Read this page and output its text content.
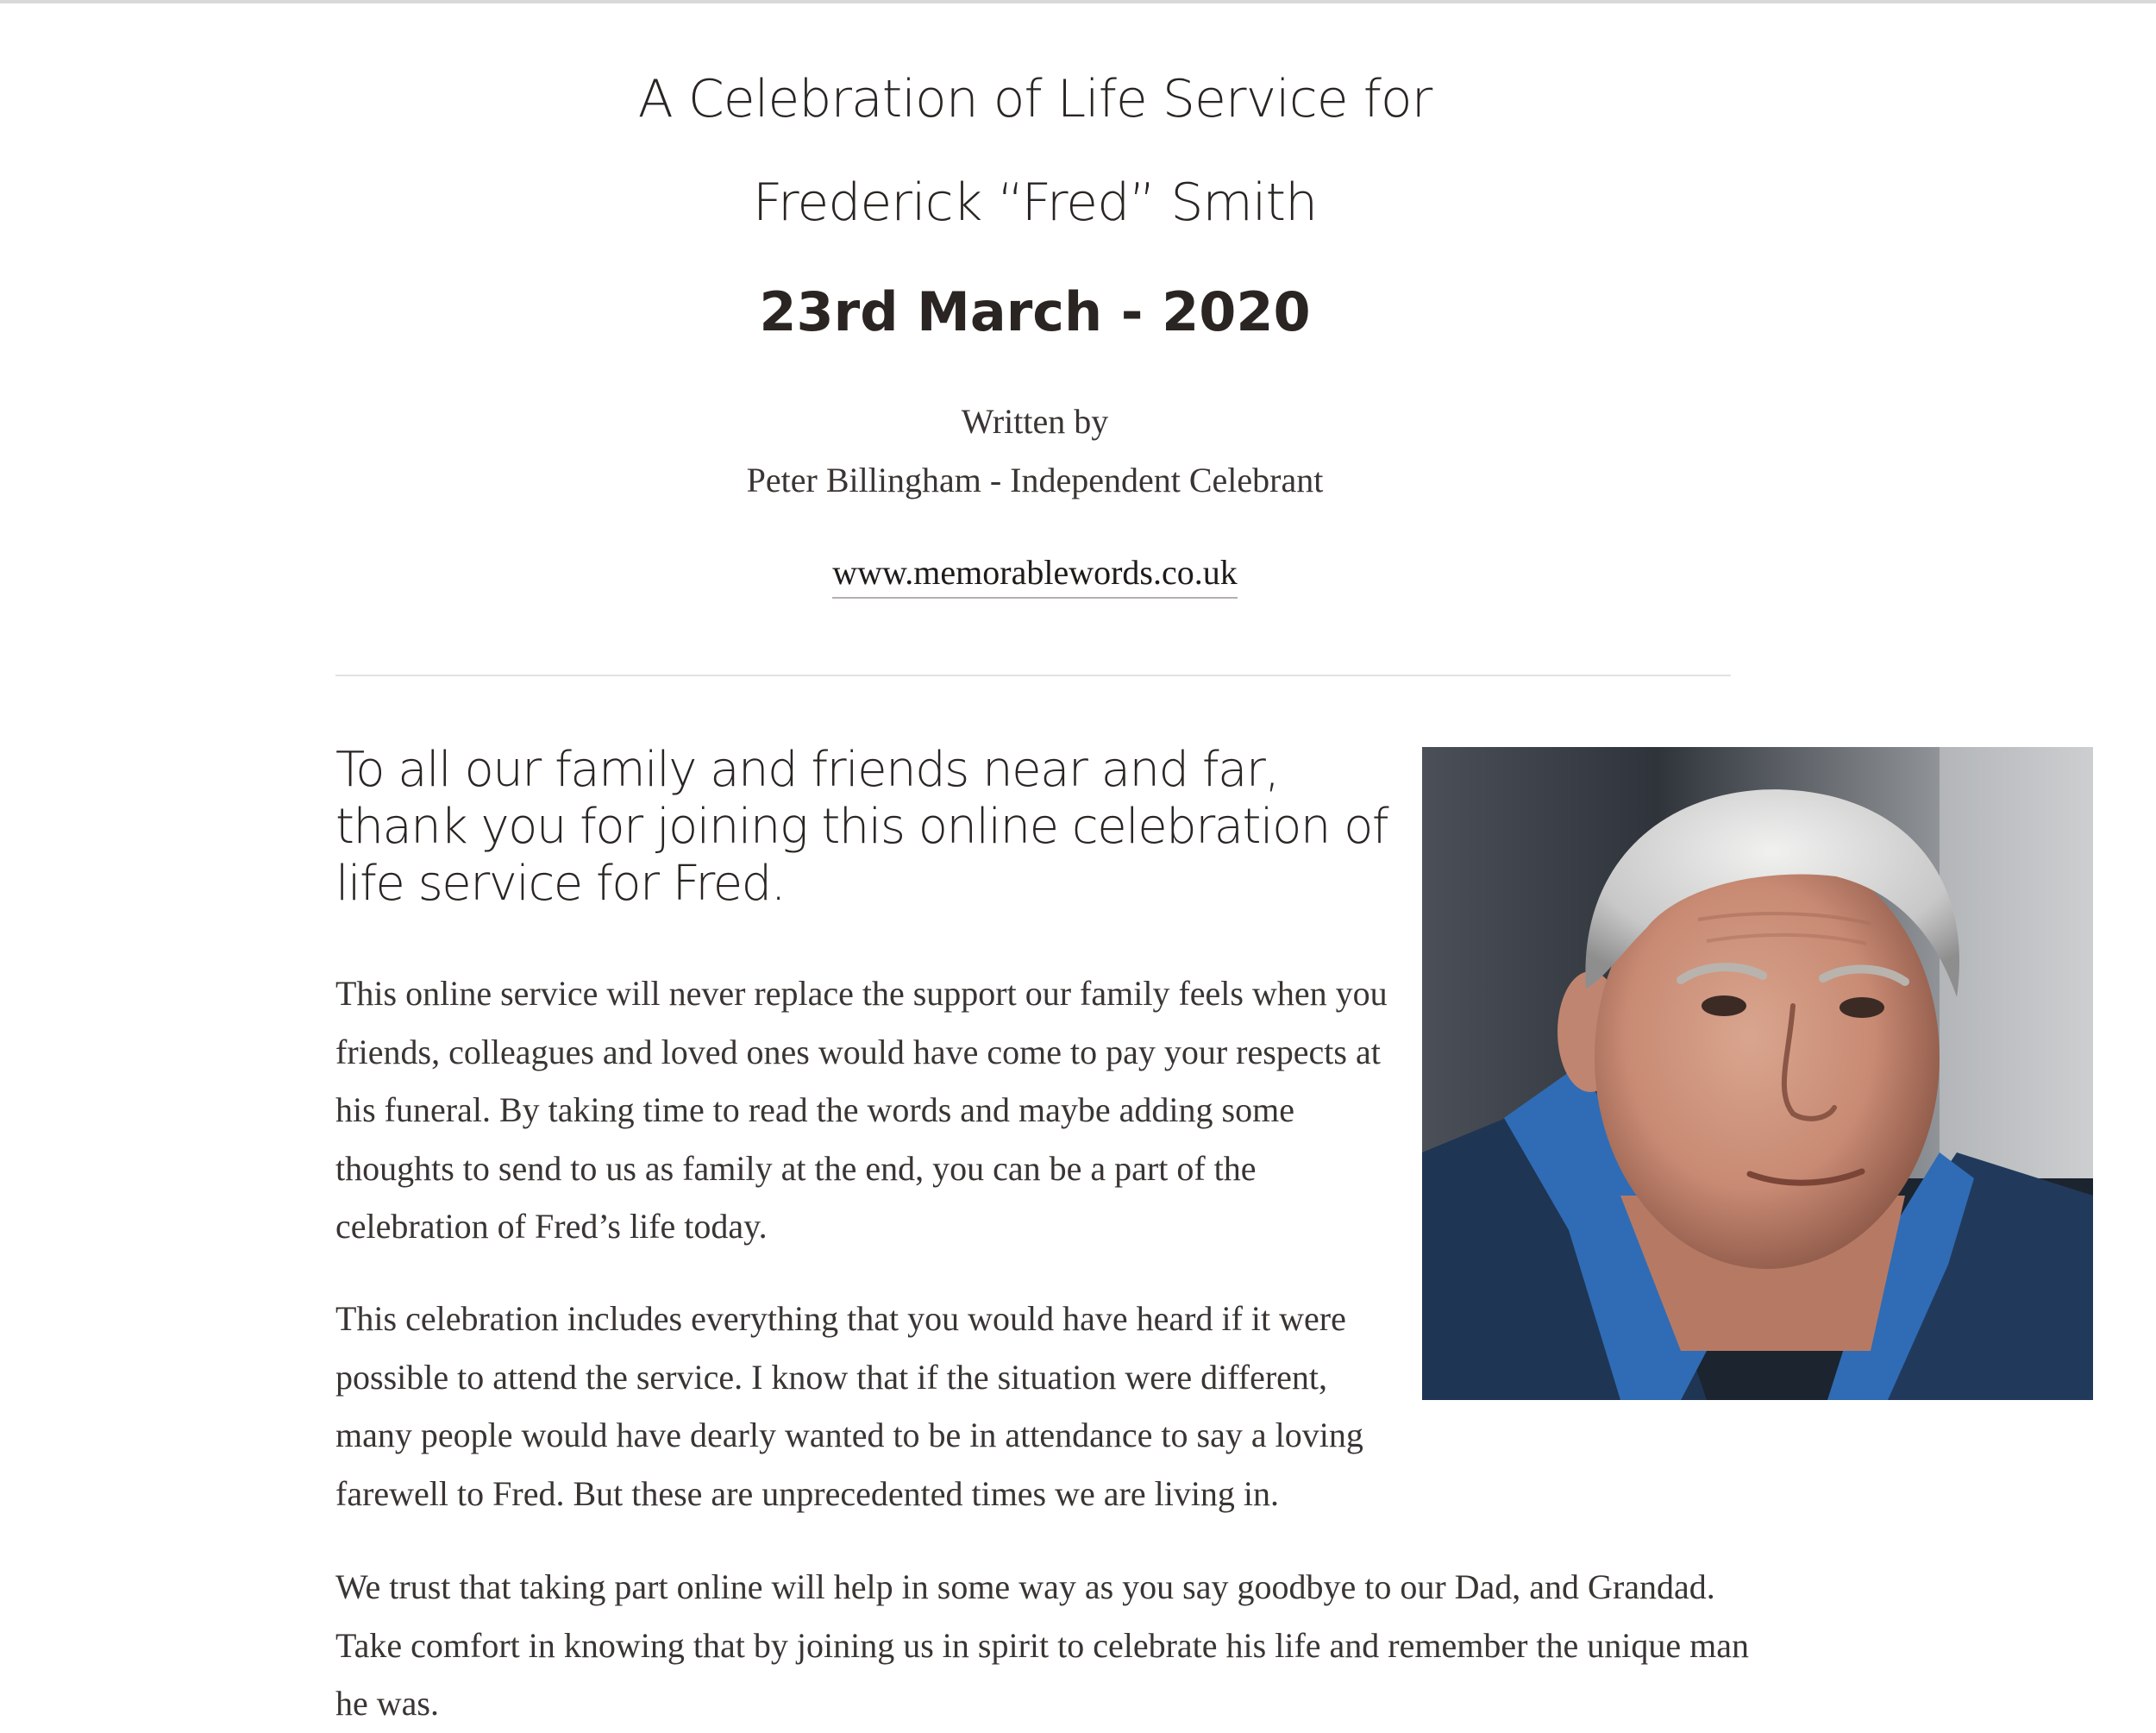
A Celebration of Life Service for
Frederick “Fred” Smith
23rd March - 2020
Written by
Peter Billingham - Independent Celebrant
www.memorablewords.co.uk
To all our family and friends near and far, thank you for joining this online celebration of life service for Fred.

This online service will never replace the support our family feels when you friends, colleagues and loved ones would have come to pay your respects at his funeral. By taking time to read the words and maybe adding some thoughts to send to us as family at the end, you can be a part of the celebration of Fred’s life today.

This celebration includes everything that you would have heard if it were possible to attend the service. I know that if the situation were different, many people would have dearly wanted to be in attendance to say a loving farewell to Fred. But these are unprecedented times we are living in.

We trust that taking part online will help in some way as you say goodbye to our Dad, and Grandad. Take comfort in knowing that by joining us in spirit to celebrate his life and remember the unique man he was.
